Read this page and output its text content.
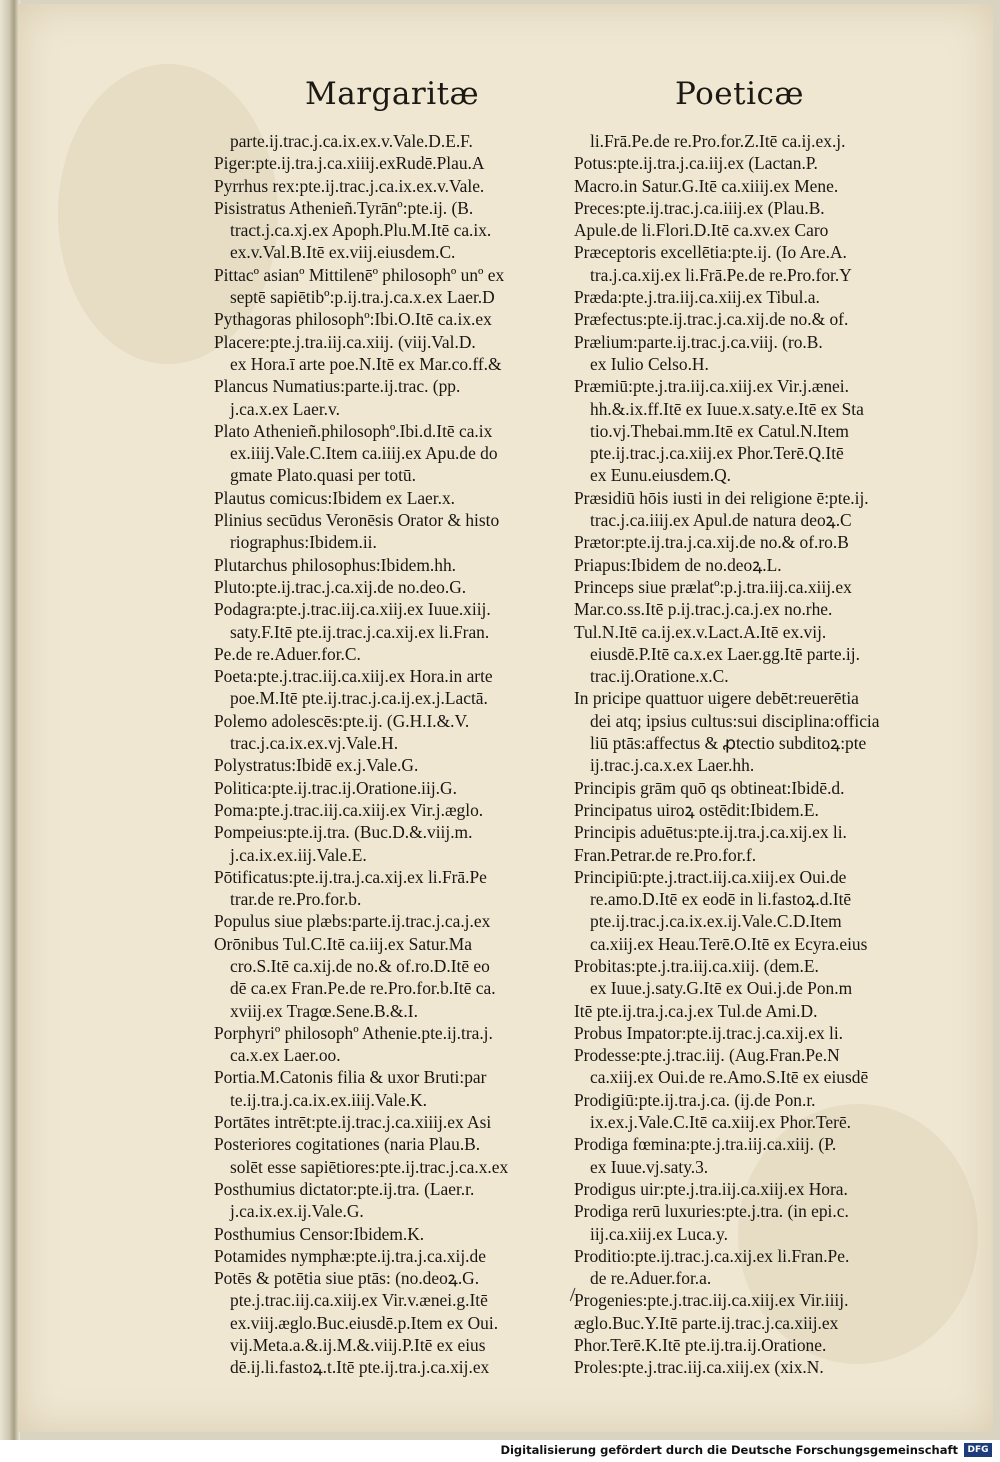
Margaritæ	Poeticæ
parte.ij.trac.j.ca.ix.ex.v.Vale.D.E.F.
Piger:pte.ij.tra.j.ca.xiiij.exRudē.Plau.A
Pyrrhus rex:pte.ij.trac.j.ca.ix.ex.v.Vale.
Pisistratus Athenieñ.Tyrānº:pte.ij. (B.
tract.j.ca.xj.ex Apoph.Plu.M.Itē ca.ix.
ex.v.Val.B.Itē ex.viij.eiusdem.C.
Pittacº asianº Mittilenēº philosophº unº ex
septē sapiētibº:p.ij.tra.j.ca.x.ex Laer.D
Pythagoras philosophº:Ibi.O.Itē ca.ix.ex
Placere:pte.j.tra.iij.ca.xiij. (viij.Val.D.
ex Hora.ī arte poe.N.Itē ex Mar.co.ff.&
Plancus Numatius:parte.ij.trac. (pp.
j.ca.x.ex Laer.v.
Plato Athenieñ.philosophº.Ibi.d.Itē ca.ix
ex.iiij.Vale.C.Item ca.iiij.ex Apu.de do
gmate Plato.quasi per totū.
Plautus comicus:Ibidem ex Laer.x.
Plinius secūdus Veronēsis Orator & histo
riographus:Ibidem.ii.
Plutarchus philosophus:Ibidem.hh.
Pluto:pte.ij.trac.j.ca.xij.de no.deo.G.
Podagra:pte.j.trac.iij.ca.xiij.ex Iuue.xiij.
saty.F.Itē pte.ij.trac.j.ca.xij.ex li.Fran.
Pe.de re.Aduer.for.C.
Poeta:pte.j.trac.iij.ca.xiij.ex Hora.in arte
poe.M.Itē pte.ij.trac.j.ca.ij.ex.j.Lactā.
Polemo adolescēs:pte.ij. (G.H.I.&.V.
trac.j.ca.ix.ex.vj.Vale.H.
Polystratus:Ibidē ex.j.Vale.G.
Politica:pte.ij.trac.ij.Oratione.iij.G.
Poma:pte.j.trac.iij.ca.xiij.ex Vir.j.æglo.
Pompeius:pte.ij.tra. (Buc.D.&.viij.m.
j.ca.ix.ex.iij.Vale.E.
Pōtificatus:pte.ij.tra.j.ca.xij.ex li.Frā.Pe
trar.de re.Pro.for.b.
Populus siue plæbs:parte.ij.trac.j.ca.j.ex
Orōnibus Tul.C.Itē ca.iij.ex Satur.Ma
cro.S.Itē ca.xij.de no.& of.ro.D.Itē eo
dē ca.ex Fran.Pe.de re.Pro.for.b.Itē ca.
xviij.ex Tragœ.Sene.B.&.I.
Porphyriº philosophº Athenie.pte.ij.tra.j.
ca.x.ex Laer.oo.
Portia.M.Catonis filia & uxor Bruti:par
te.ij.tra.j.ca.ix.ex.iiij.Vale.K.
Portātes intrēt:pte.ij.trac.j.ca.xiiij.ex Asi
Posteriores cogitationes (naria Plau.B.
solēt esse sapiētiores:pte.ij.trac.j.ca.x.ex
Posthumius dictator:pte.ij.tra. (Laer.r.
j.ca.ix.ex.ij.Vale.G.
Posthumius Censor:Ibidem.K.
Potamides nymphæ:pte.ij.tra.j.ca.xij.de
Potēs & potētia siue ptās: (no.deoꝝ.G.
pte.j.trac.iij.ca.xiij.ex Vir.v.ænei.g.Itē
ex.viij.æglo.Buc.eiusdē.p.Item ex Oui.
vij.Meta.a.&.ij.M.&.viij.P.Itē ex eius
dē.ij.li.fastoꝝ.t.Itē pte.ij.tra.j.ca.xij.ex
li.Frā.Pe.de re.Pro.for.Z.Itē ca.ij.ex.j.
Potus:pte.ij.tra.j.ca.iij.ex (Lactan.P.
Macro.in Satur.G.Itē ca.xiiij.ex Mene.
Preces:pte.ij.trac.j.ca.iiij.ex (Plau.B.
Apule.de li.Flori.D.Itē ca.xv.ex Caro
Præceptoris excellētia:pte.ij. (Io Are.A.
tra.j.ca.xij.ex li.Frā.Pe.de re.Pro.for.Y
Præda:pte.j.tra.iij.ca.xiij.ex Tibul.a.
Præfectus:pte.ij.trac.j.ca.xij.de no.& of.
Prælium:parte.ij.trac.j.ca.viij. (ro.B.
ex Iulio Celso.H.
Præmiū:pte.j.tra.iij.ca.xiij.ex Vir.j.ænei.
hh.&.ix.ff.Itē ex Iuue.x.saty.e.Itē ex Sta
tio.vj.Thebai.mm.Itē ex Catul.N.Item
pte.ij.trac.j.ca.xiij.ex Phor.Terē.Q.Itē
ex Eunu.eiusdem.Q.
Præsidiū hōis iusti in dei religione ē:pte.ij.
trac.j.ca.iiij.ex Apul.de natura deoꝝ.C
Prætor:pte.ij.tra.j.ca.xij.de no.& of.ro.B
Priapus:Ibidem de no.deoꝝ.L.
Princeps siue prælatº:p.j.tra.iij.ca.xiij.ex
Mar.co.ss.Itē p.ij.trac.j.ca.j.ex no.rhe.
Tul.N.Itē ca.ij.ex.v.Lact.A.Itē ex.vij.
eiusdē.P.Itē ca.x.ex Laer.gg.Itē parte.ij.
trac.ij.Oratione.x.C.
In pricipe quattuor uigere debēt:reuerētia
dei atq; ipsius cultus:sui disciplina:officia
liū ptās:affectus & ꝓtectio subditoꝝ:pte
ij.trac.j.ca.x.ex Laer.hh.
Principis grām quō qs obtineat:Ibidē.d.
Principatus uiroꝝ ostēdit:Ibidem.E.
Principis aduētus:pte.ij.tra.j.ca.xij.ex li.
Fran.Petrar.de re.Pro.for.f.
Principiū:pte.j.tract.iij.ca.xiij.ex Oui.de
re.amo.D.Itē ex eodē in li.fastoꝝ.d.Itē
pte.ij.trac.j.ca.ix.ex.ij.Vale.C.D.Item
ca.xiij.ex Heau.Terē.O.Itē ex Ecyra.eius
Probitas:pte.j.tra.iij.ca.xiij. (dem.E.
ex Iuue.j.saty.G.Itē ex Oui.j.de Pon.m
Itē pte.ij.tra.j.ca.j.ex Tul.de Ami.D.
Probus Impator:pte.ij.trac.j.ca.xij.ex li.
Prodesse:pte.j.trac.iij. (Aug.Fran.Pe.N
ca.xiij.ex Oui.de re.Amo.S.Itē ex eiusdē
Prodigiū:pte.ij.tra.j.ca. (ij.de Pon.r.
ix.ex.j.Vale.C.Itē ca.xiij.ex Phor.Terē.
Prodiga fœmina:pte.j.tra.iij.ca.xiij. (P.
ex Iuue.vj.saty.3.
Prodigus uir:pte.j.tra.iij.ca.xiij.ex Hora.
Prodiga rerū luxuries:pte.j.tra. (in epi.c.
iij.ca.xiij.ex Luca.y.
Proditio:pte.ij.trac.j.ca.xij.ex li.Fran.Pe.
de re.Aduer.for.a.
Progenies:pte.j.trac.iij.ca.xiij.ex Vir.iiij.
æglo.Buc.Y.Itē parte.ij.trac.j.ca.xiij.ex
Phor.Terē.K.Itē pte.ij.tra.ij.Oratione.
Proles:pte.j.trac.iij.ca.xiij.ex (xix.N.
Digitalisierung gefördert durch die Deutsche Forschungsgemeinschaft	DFG
